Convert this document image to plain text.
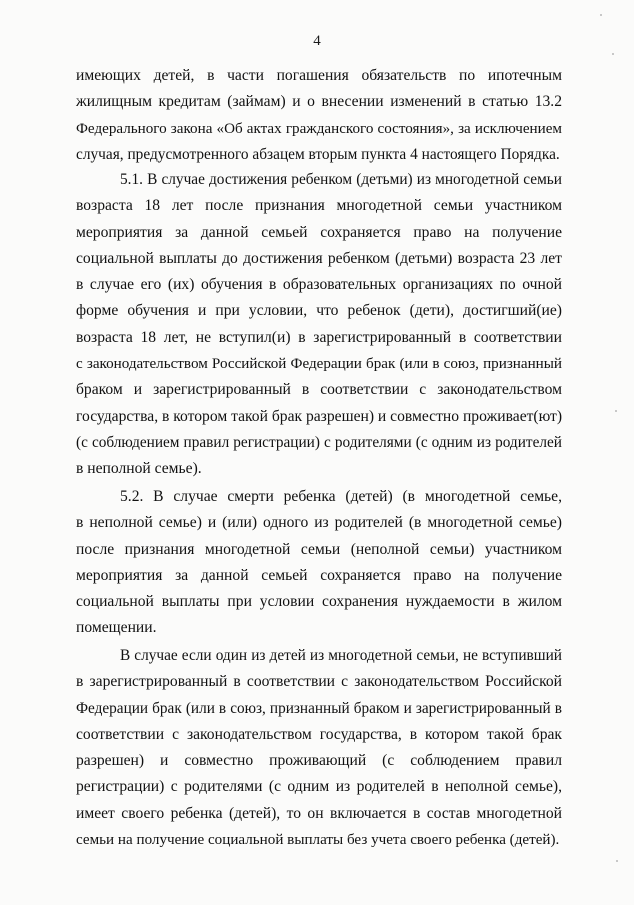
4
имеющих детей, в части погашения обязательств по ипотечным
жилищным кредитам (займам) и о внесении изменений в статью 13.2
Федерального закона «Об актах гражданского состояния», за исключением
случая, предусмотренного абзацем вторым пункта 4 настоящего Порядка.
5.1. В случае достижения ребенком (детьми) из многодетной семьи
возраста 18 лет после признания многодетной семьи участником
мероприятия за данной семьей сохраняется право на получение
социальной выплаты до достижения ребенком (детьми) возраста 23 лет
в случае его (их) обучения в образовательных организациях по очной
форме обучения и при условии, что ребенок (дети), достигший(ие)
возраста 18 лет, не вступил(и) в зарегистрированный в соответствии
с законодательством Российской Федерации брак (или в союз, признанный
браком и зарегистрированный в соответствии с законодательством
государства, в котором такой брак разрешен) и совместно проживает(ют)
(с соблюдением правил регистрации) с родителями (с одним из родителей
в неполной семье).
5.2. В случае смерти ребенка (детей) (в многодетной семье,
в неполной семье) и (или) одного из родителей (в многодетной семье)
после признания многодетной семьи (неполной семьи) участником
мероприятия за данной семьей сохраняется право на получение
социальной выплаты при условии сохранения нуждаемости в жилом
помещении.
В случае если один из детей из многодетной семьи, не вступивший
в зарегистрированный в соответствии с законодательством Российской
Федерации брак (или в союз, признанный браком и зарегистрированный в
соответствии с законодательством государства, в котором такой брак
разрешен) и совместно проживающий (с соблюдением правил
регистрации) с родителями (с одним из родителей в неполной семье),
имеет своего ребенка (детей), то он включается в состав многодетной
семьи на получение социальной выплаты без учета своего ребенка (детей).
